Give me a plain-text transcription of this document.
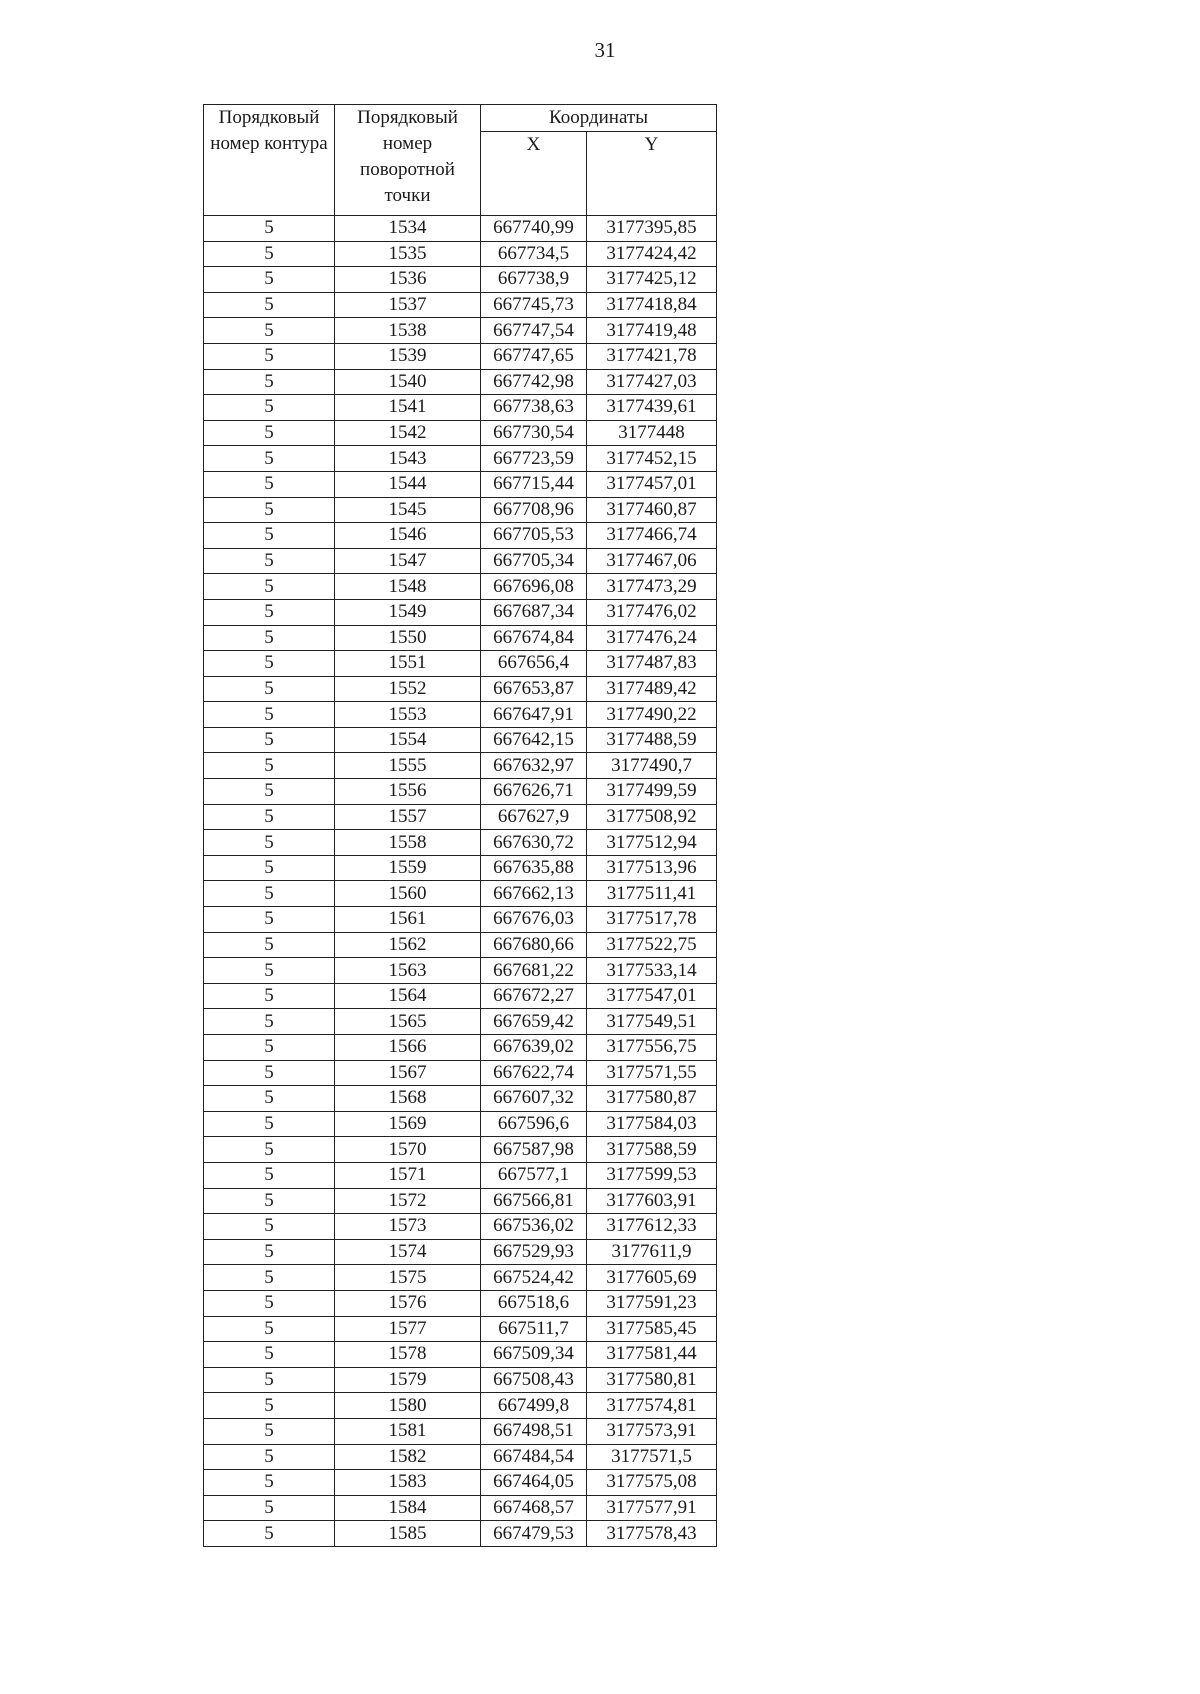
31
Порядковый номер контура	Порядковый номер поворотной точки	Координаты	
		X	Y
5	1534	667740,99	3177395,85
5	1535	667734,5	3177424,42
5	1536	667738,9	3177425,12
5	1537	667745,73	3177418,84
5	1538	667747,54	3177419,48
5	1539	667747,65	3177421,78
5	1540	667742,98	3177427,03
5	1541	667738,63	3177439,61
5	1542	667730,54	3177448
5	1543	667723,59	3177452,15
5	1544	667715,44	3177457,01
5	1545	667708,96	3177460,87
5	1546	667705,53	3177466,74
5	1547	667705,34	3177467,06
5	1548	667696,08	3177473,29
5	1549	667687,34	3177476,02
5	1550	667674,84	3177476,24
5	1551	667656,4	3177487,83
5	1552	667653,87	3177489,42
5	1553	667647,91	3177490,22
5	1554	667642,15	3177488,59
5	1555	667632,97	3177490,7
5	1556	667626,71	3177499,59
5	1557	667627,9	3177508,92
5	1558	667630,72	3177512,94
5	1559	667635,88	3177513,96
5	1560	667662,13	3177511,41
5	1561	667676,03	3177517,78
5	1562	667680,66	3177522,75
5	1563	667681,22	3177533,14
5	1564	667672,27	3177547,01
5	1565	667659,42	3177549,51
5	1566	667639,02	3177556,75
5	1567	667622,74	3177571,55
5	1568	667607,32	3177580,87
5	1569	667596,6	3177584,03
5	1570	667587,98	3177588,59
5	1571	667577,1	3177599,53
5	1572	667566,81	3177603,91
5	1573	667536,02	3177612,33
5	1574	667529,93	3177611,9
5	1575	667524,42	3177605,69
5	1576	667518,6	3177591,23
5	1577	667511,7	3177585,45
5	1578	667509,34	3177581,44
5	1579	667508,43	3177580,81
5	1580	667499,8	3177574,81
5	1581	667498,51	3177573,91
5	1582	667484,54	3177571,5
5	1583	667464,05	3177575,08
5	1584	667468,57	3177577,91
5	1585	667479,53	3177578,43
